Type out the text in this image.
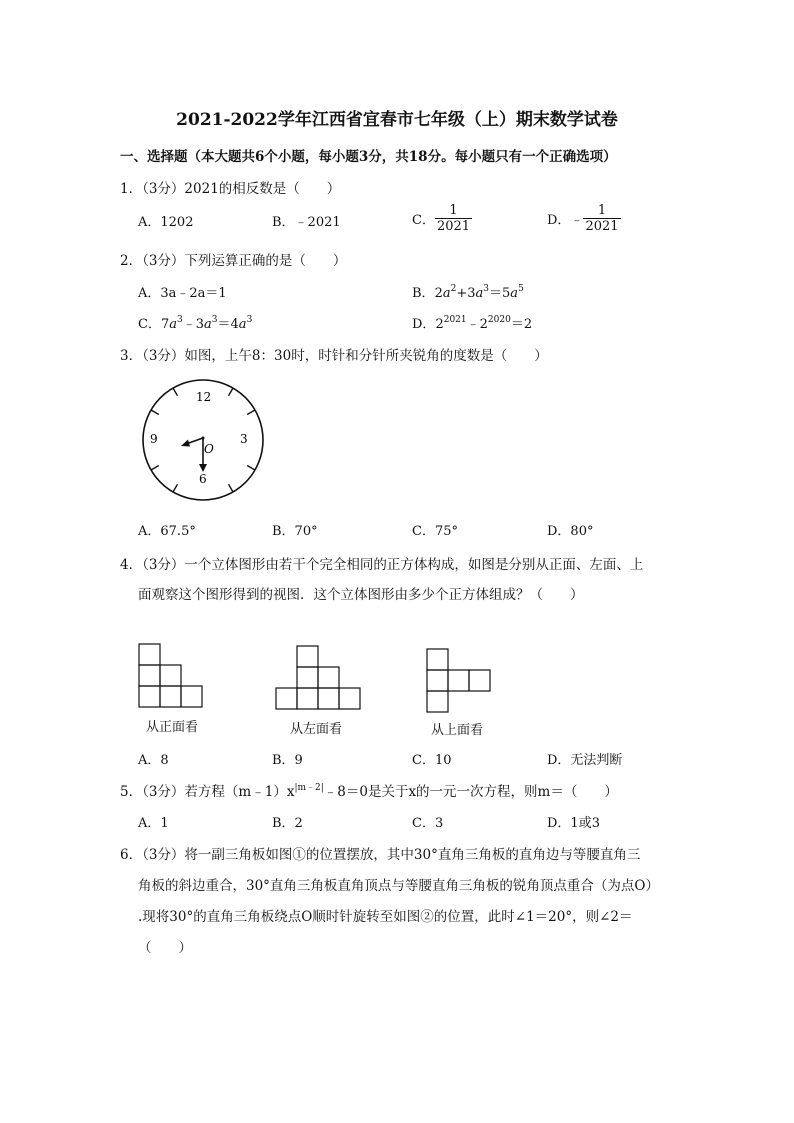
2021-2022学年江西省宜春市七年级（上）期末数学试卷
一、选择题（本大题共6个小题，每小题3分，共18分。每小题只有一个正确选项）
1．（3分）2021的相反数是（　　）
A．1202	B．﹣2021	C． $\frac{1}{2021}$	D．﹣ $\frac{1}{2021}$
2．（3分）下列运算正确的是（　　）
A．3a﹣2a＝1	B．$2a^2+3a^3=5a^5$
C．$7a^3﹣3a^3=4a^3$	D．$2^{2021}﹣2^{2020}=2$
3．（3分）如图，上午8：30时，时针和分针所夹锐角的度数是（　　）
12
3
6
9
O
A．67.5°	B．70°	C．75°	D．80°
4．（3分）一个立体图形由若干个完全相同的正方体构成，如图是分别从正面、左面、上
面观察这个图形得到的视图．这个立体图形由多少个正方体组成？（　　）
从正面看	从左面看	从上面看
A．8	B．9	C．10	D．无法判断
5．（3分）若方程$(m﹣1)x^{|m﹣2|}﹣8=0$是关于x的一元一次方程，则m＝（　　）
A．1	B．2	C．3	D．1或3
6．（3分）将一副三角板如图①的位置摆放，其中30°直角三角板的直角边与等腰直角三
角板的斜边重合，30°直角三角板直角顶点与等腰直角三角板的锐角顶点重合（为点O）
.现将30°的直角三角板绕点O顺时针旋转至如图②的位置，此时∠1＝20°，则∠2＝
（　　）
